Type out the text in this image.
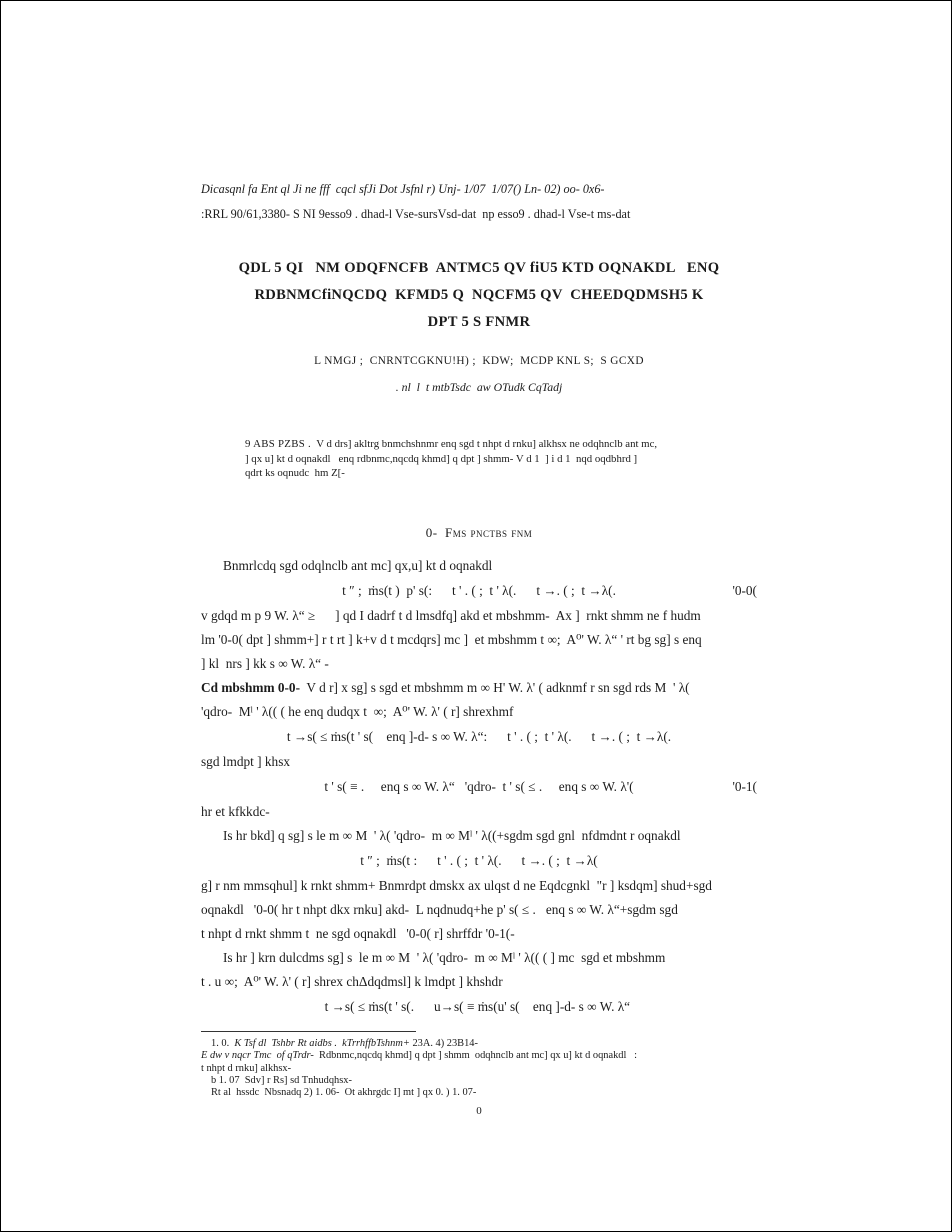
Dicasqnl fa Ent ql Ji ne fff  cqcl sfJi Dot Jsfnl r) Unj- 1/07  1/07() Ln- 02) oo- 0x6-
:RRL 90/61,3380- S NI 9esso9 . dhad-l Vse-sursVsd-dat  np esso9 . dhad-l Vse-t ms-dat
QDL 5 QI   NM ODQFNCFB  ANTMC5 QV fiU5 KTD OQNAKDL   ENQ
RDBNMCfiNQCDQ  KFMD5 Q  NQCFM5 QV  CHEEDQDMSH5 K
DPT 5 S FNMR
L NMGJ ;  CNRNTCGKNU!H) ;  KDW;  MCDP KNL S;  S GCXD
. nl  l  t mtbTsdc  aw OTudk CqTadj
9 ABS PZBS .  V d drs] akltrg bnmchshnmr enq sgd t nhpt d rnku] alkhsx ne odqhnclb ant mc,
] qx u] kt d oqnakdl   enq rdbnmc,nqcdq khmd] q dpt ] shmm- V d 1  ] i d 1  nqd oqdbhrd ]
qdrt ks oqnudc  hm Z[-
0-  Fms pnctbs fnm
Bnmrlcdq sgd odqlnclb ant mc] qx,u] kt d oqnakdl
t ″ ;  ṁs(t )  p' s(:      t ' . ( ;  t ' λ(.      t →. ( ;  t →λ(.	'0-0(
v gdqd m p 9 W. λ“ ≥      ] qd I dadrf t d lmsdfq] akd et mbshmm-  Ax ]  rnkt shmm ne f hudm
lm '0-0( dpt ] shmm+] r t rt ] k+v d t mcdqrs] mc ]  et mbshmm t ∞;  A⁰' W. λ“ ' rt bg sg] s enq
] kl  nrs ] kk s ∞ W. λ“ -
Cd mbshmm 0-0-  V d r] x sg] s sgd et mbshmm m ∞ H' W. λ' ( adknmf r sn sgd rds M  ' λ(
'qdro-  Mˡ ' λ(( ( he enq dudqx t  ∞;  A⁰' W. λ' ( r] shrexhmf
t →s( ≤ ṁs(t ' s(    enq ]-d- s ∞ W. λ“:      t ' . ( ;  t ' λ(.      t →. ( ;  t →λ(.
sgd lmdpt ] khsx
t ' s( ≡ .     enq s ∞ W. λ“   'qdro-  t ' s( ≤ .     enq s ∞ W. λ'(	'0-1(
hr et kfkkdc-
Is hr bkd] q sg] s le m ∞ M  ' λ( 'qdro-  m ∞ Mˡ ' λ((+sgdm sgd gnl  nfdmdnt r oqnakdl
t ″ ;  ṁs(t :      t ' . ( ;  t ' λ(.      t →. ( ;  t →λ(
g] r nm mmsqhul] k rnkt shmm+ Bnmrdpt dmskx ax ulqst d ne Eqdcgnkl  "r ] ksdqm] shud+sgd
oqnakdl   '0-0( hr t nhpt dkx rnku] akd-  L nqdnudq+he p' s( ≤ .   enq s ∞ W. λ“+sgdm sgd
t nhpt d rnkt shmm t  ne sgd oqnakdl   '0-0( r] shrffdr '0-1(-
Is hr ] krn dulcdms sg] s  le m ∞ M  ' λ( 'qdro-  m ∞ Mˡ ' λ(( ( ] mc  sgd et mbshmm
t . u ∞;  A⁰' W. λ' ( r] shrex chΔdqdmsl] k lmdpt ] khshdr
t →s( ≤ ṁs(t ' s(.      u→s( ≡ ṁs(u' s(    enq ]-d- s ∞ W. λ“
1. 0.  K Tsf dl  Tshbr Rt aidbs .  kTrrhffbTshnm+ 23A. 4) 23B14-
E dw v nqcr Tmc  of qTrdr-  Rdbnmc,nqcdq khmd] q dpt ] shmm  odqhnclb ant mc] qx u] kt d oqnakdl   :
t nhpt d rnku] alkhsx-
b 1. 07  Sdv] r Rs] sd Tnhudqhsx-
Rt al  hssdc  Nbsnadq 2) 1. 06-  Ot akhrgdc I] mt ] qx 0. ) 1. 07-
0
